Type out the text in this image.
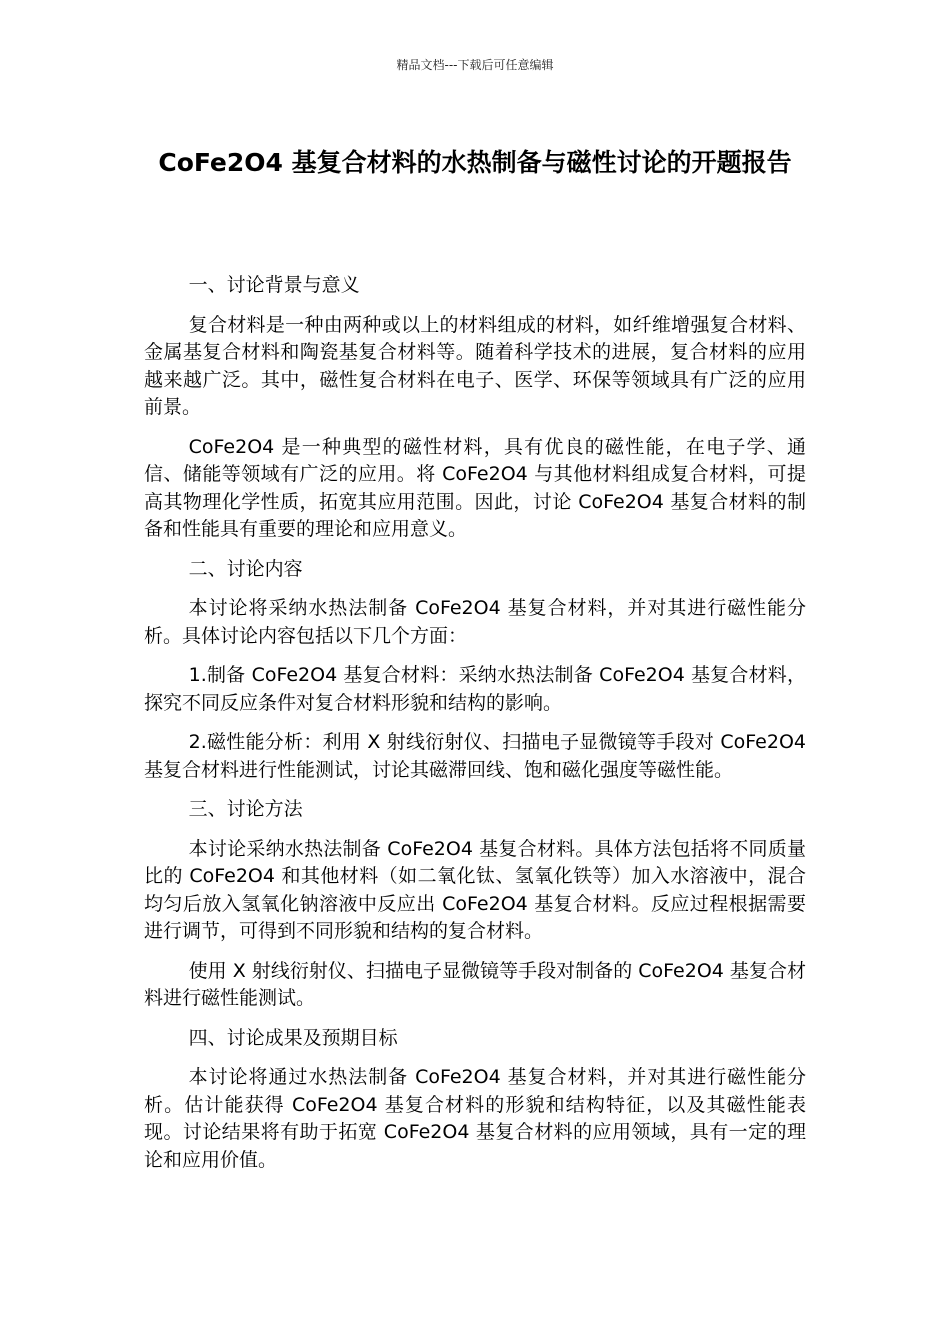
精品文档---下载后可任意编辑
CoFe2O4 基复合材料的水热制备与磁性讨论的开题报告

一、讨论背景与意义

复合材料是一种由两种或以上的材料组成的材料，如纤维增强复合材料、金属基复合材料和陶瓷基复合材料等。随着科学技术的进展，复合材料的应用越来越广泛。其中，磁性复合材料在电子、医学、环保等领域具有广泛的应用前景。

CoFe2O4 是一种典型的磁性材料，具有优良的磁性能，在电子学、通信、储能等领域有广泛的应用。将 CoFe2O4 与其他材料组成复合材料，可提高其物理化学性质，拓宽其应用范围。因此，讨论 CoFe2O4 基复合材料的制备和性能具有重要的理论和应用意义。

二、讨论内容

本讨论将采纳水热法制备 CoFe2O4 基复合材料，并对其进行磁性能分析。具体讨论内容包括以下几个方面：

1.制备 CoFe2O4 基复合材料：采纳水热法制备 CoFe2O4 基复合材料，探究不同反应条件对复合材料形貌和结构的影响。

2.磁性能分析：利用 X 射线衍射仪、扫描电子显微镜等手段对 CoFe2O4 基复合材料进行性能测试，讨论其磁滞回线、饱和磁化强度等磁性能。

三、讨论方法

本讨论采纳水热法制备 CoFe2O4 基复合材料。具体方法包括将不同质量比的 CoFe2O4 和其他材料（如二氧化钛、氢氧化铁等）加入水溶液中，混合均匀后放入氢氧化钠溶液中反应出 CoFe2O4 基复合材料。反应过程根据需要进行调节，可得到不同形貌和结构的复合材料。

使用 X 射线衍射仪、扫描电子显微镜等手段对制备的 CoFe2O4 基复合材料进行磁性能测试。

四、讨论成果及预期目标

本讨论将通过水热法制备 CoFe2O4 基复合材料，并对其进行磁性能分析。估计能获得 CoFe2O4 基复合材料的形貌和结构特征，以及其磁性能表现。讨论结果将有助于拓宽 CoFe2O4 基复合材料的应用领域，具有一定的理论和应用价值。
